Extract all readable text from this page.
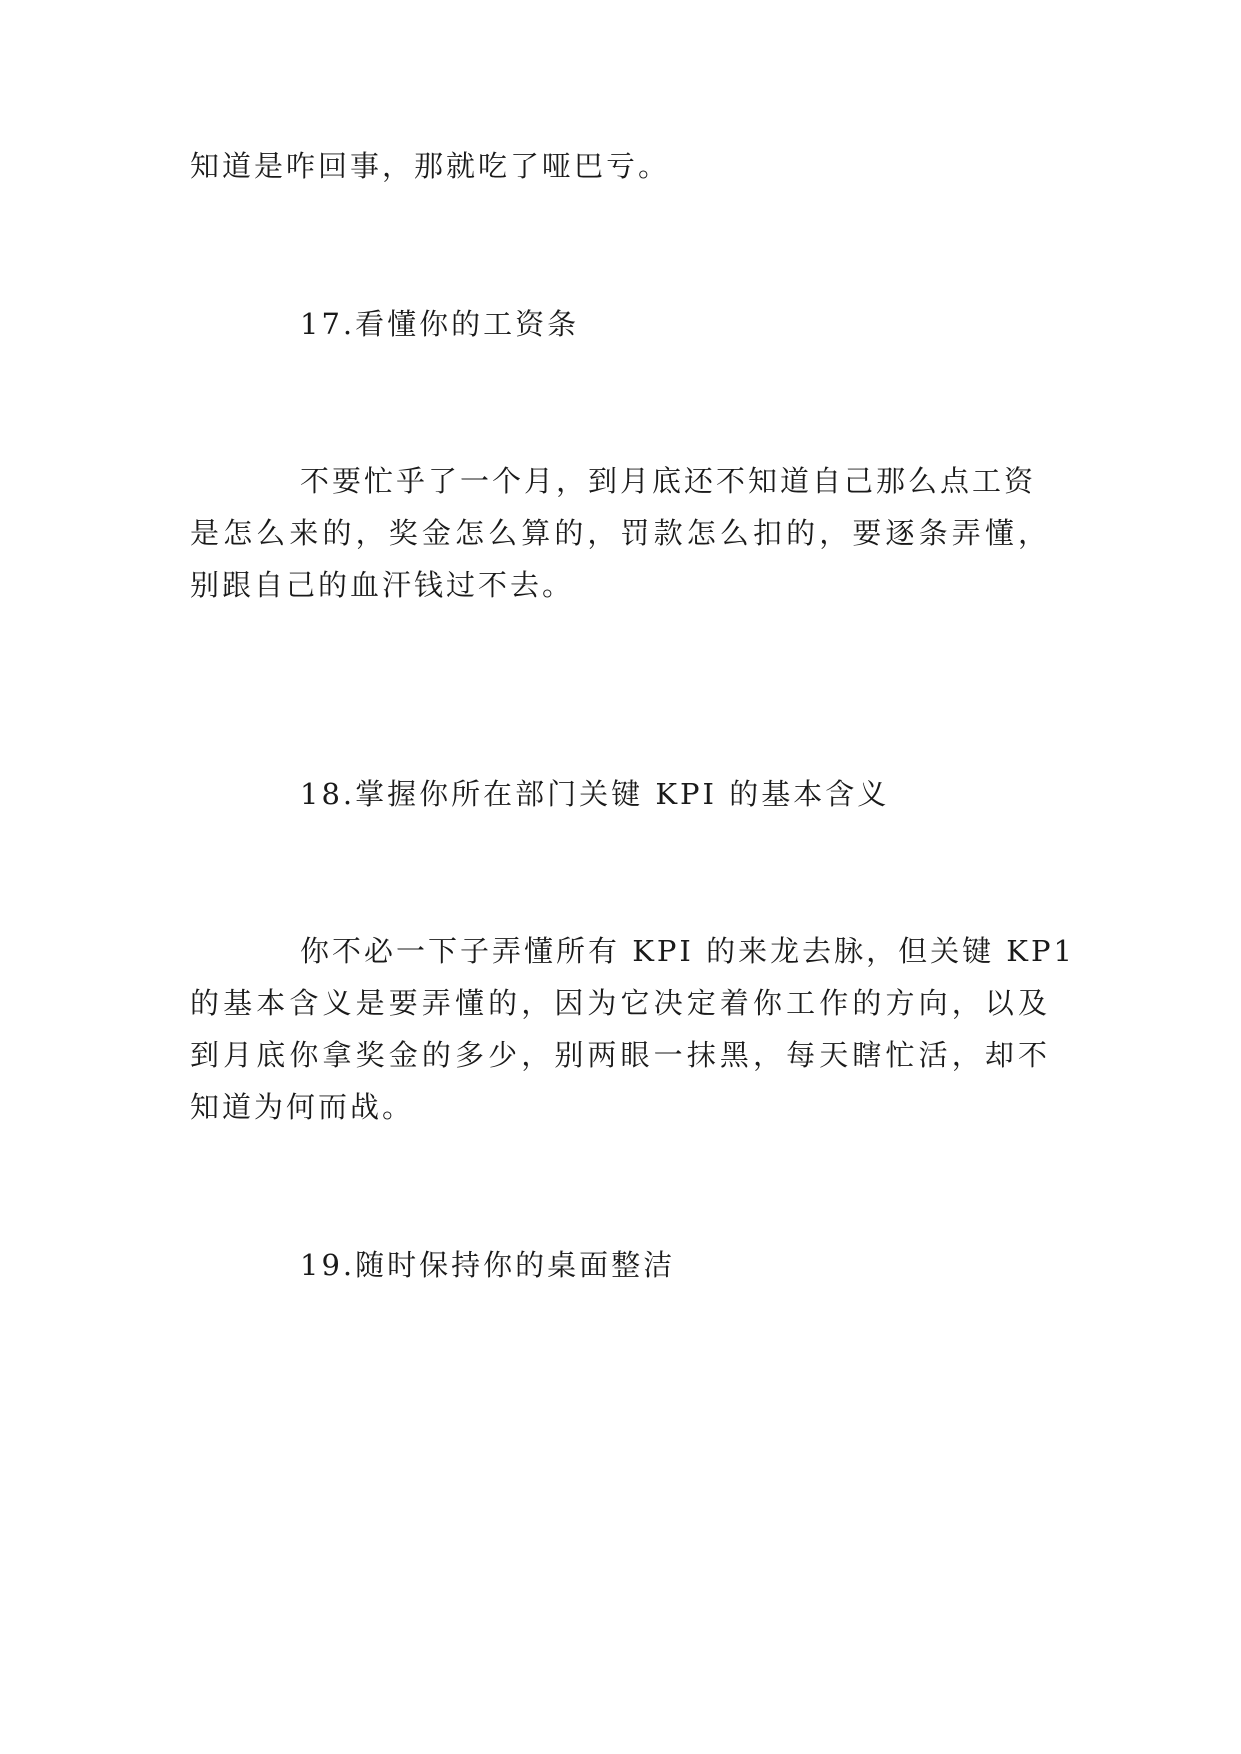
知道是咋回事，那就吃了哑巴亏。
17.看懂你的工资条
不要忙乎了一个月，到月底还不知道自己那么点工资
是怎么来的，奖金怎么算的，罚款怎么扣的，要逐条弄懂，
别跟自己的血汗钱过不去。
18.掌握你所在部门关键 KPI 的基本含义
你不必一下子弄懂所有 KPI 的来龙去脉，但关键 KP1
的基本含义是要弄懂的，因为它决定着你工作的方向，以及
到月底你拿奖金的多少，别两眼一抹黑，每天瞎忙活，却不
知道为何而战。
19.随时保持你的桌面整洁
